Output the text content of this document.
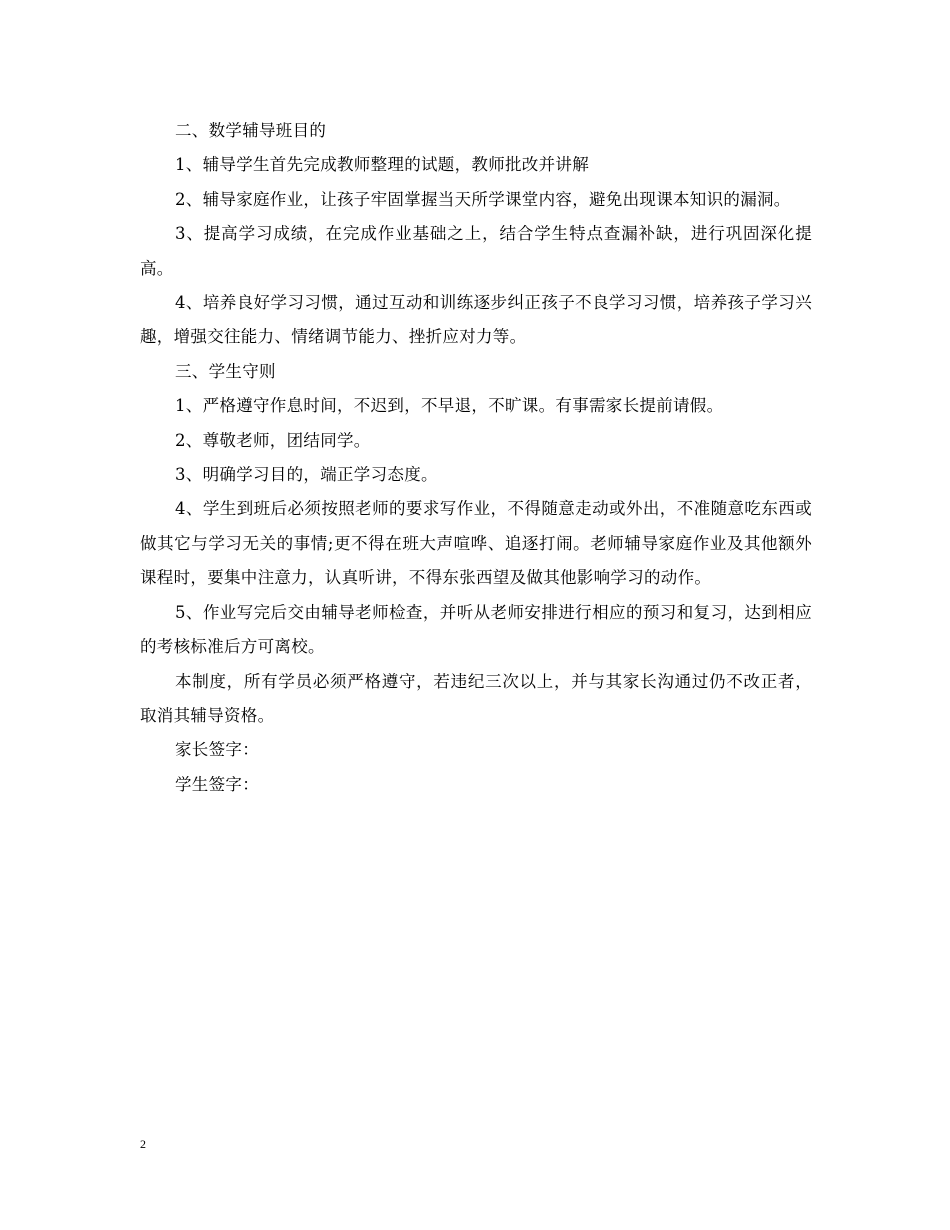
二、数学辅导班目的

1、辅导学生首先完成教师整理的试题，教师批改并讲解

2、辅导家庭作业，让孩子牢固掌握当天所学课堂内容，避免出现课本知识的漏洞。

3、提高学习成绩，在完成作业基础之上，结合学生特点查漏补缺，进行巩固深化提高。

4、培养良好学习习惯，通过互动和训练逐步纠正孩子不良学习习惯，培养孩子学习兴趣，增强交往能力、情绪调节能力、挫折应对力等。

三、学生守则

1、严格遵守作息时间，不迟到，不早退，不旷课。有事需家长提前请假。

2、尊敬老师，团结同学。

3、明确学习目的，端正学习态度。

4、学生到班后必须按照老师的要求写作业，不得随意走动或外出，不准随意吃东西或做其它与学习无关的事情;更不得在班大声喧哗、追逐打闹。老师辅导家庭作业及其他额外课程时，要集中注意力，认真听讲，不得东张西望及做其他影响学习的动作。

5、作业写完后交由辅导老师检查，并听从老师安排进行相应的预习和复习，达到相应的考核标准后方可离校。

本制度，所有学员必须严格遵守，若违纪三次以上，并与其家长沟通过仍不改正者，取消其辅导资格。

家长签字：

学生签字：

2
